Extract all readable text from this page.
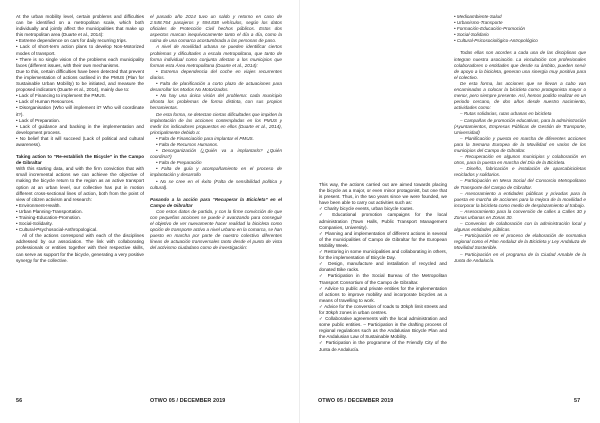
At the urban mobility level, certain problems and difficulties can be identified on a metropolitan scale, which both individually and jointly affect the municipalities that make up this metropolitan area (Duarte et al., 2014):

• Extreme dependence on cars for daily recurring trips.

• Lack of short-term action plans to develop Non-Motorized modes of transport.

• There is no single vision of the problems each municipality faces (different issues, with their own mechanisms.

Due to this, certain difficulties have been detected that prevent the implementation of actions outlined in the PMUS (Plan for Sustainable Urban Mobility) to be initiated, and measure the proposed indicators (Duarte et al., 2014), mainly due to:

• Lack of Financing to implement the PMUS.

• Lack of Human Resources.

• Disorganisation (Who will implement it? Who will coordinate it?).

• Lack of Preparation.

• Lack of guidance and backing in the implementation and development process.

• No belief that it will succeed (Lack of political and cultural awareness).

Taking action to “Re-establish the Bicycle” in the Campo de Gibraltar

With this starting data, and with the firm conviction that with small incremental actions we can achieve the objective of making the bicycle return to the region as an active transport option at an urban level, our collective has put in motion different cross-sectional lines of action, both from the point of view of citizen activism and research:

• Environment-Health.

• Urban Planning-Transportation.

• Training-Education-Promotion.

• Social-Solidarity.

• Cultural-Psychosocial-Anthropological.

All of the actions correspond with each of the disciplines addressed by our association. The link with collaborating professionals or entities together with their respective skills, can serve as support for the bicycle, generating a very positive synergy for the collective.

el pasado año 2014 tuvo un saldo y retorno en caso de 2.548.764 pasajeros y 594.838 vehículos, según los datos oficiales de Protección Civil hechos públicos. Estos dos aspectos marcan inequívocamente tanto el día a día, como la rutina de una comarca acostumbrada a las personas de paso.

A nivel de movilidad urbana se pueden identificar ciertos problemas y dificultades a escala metropolitana, que tanto de forma individual como conjunta afectan a los municipios que forman esta Área metropolitana (Duarte et al., 2014):

• Extrema dependencia del coche en viajes recurrentes diarios.

• Falta de planificación a corto plazo de actuaciones para desarrollar los Modos No Motorizados.

• No hay una única visión del problema: cada municipio afronta los problemas de forma distinta, con sus propios herramientas.

De esta forma, se detectan ciertas dificultades que impiden la implantación de las acciones contempladas en los PMUS y medir los indicadores propuestos en ellos (Duarte et al., 2014), principalmente debido a:

• Falta de Financiación para implantar el PMUS.

• Falta de Recursos Humanos.

• Desorganización (¿Quién va a implantarlo? ¿Quién coordina?)

• Falta de Preparación

• Falta de guía y acompañamiento en el proceso de implantación y desarrollo

• No se cree en el éxito (Falta de sensibilidad política y cultural).

Pasando a la acción para “Recuperar la Bicicleta” en el Campo de Gibraltar

Con estos datos de partida, y con la firme convicción de que con pequeñas acciones se puede ir avanzando para conseguir el objetivo de ver nuevamente hacer realidad la bicicleta como opción de transporte activo a nivel urbano en la comarca, se han puesto en marcha por parte de nuestro colectivo diferentes líneas de actuación transversales tanto desde el punto de vista del activismo ciudadano como de investigación:

56	OTWO 05 / DECEMBER 2019

This way, the actions carried out are aimed towards placing the bicycle as a major, or even minor protagonist, but one that is present. Thus, in the two years since we were founded, we have been able to carry out activities such as:

✓ Charity bicycle events, urban bicycle routes.

✓ Educational promotion campaigns for the local administration (Town Halls, Public Transport Management Companies, University).

✓ Planning and implementation of different actions in several of the municipalities of Campo de Gibraltar for the European Mobility Week.

✓ Restoring in some municipalities and collaborating in others, for the implementation of Bicycle Day.

✓ Design, manufacture and installation of recycled and donated Bike racks.

✓ Participation in the Social Bureau of the Metropolitan Transport Consortium of the Campo de Gibraltar.

✓ Advice to public and private entities for the implementation of actions to improve mobility and incorporate bicycles as a means of travelling to work.

✓ Advice for the conversion of roads to 30kph limit streets and for 30kph zones in urban centres.

✓ Collaborative agreements with the local administration and some public entities. – Participation in the drafting process of regional regulations such as the Andalusian Bicycle Plan and the Andalusian Law of Sustainable Mobility.

✓ Participation in the programme of the Friendly City of the Junta de Andalucía.

• Medioambiente-Salud

• Urbanismo-Transporte

• Formación-Educación-Promoción

• Social-Solidario

• Cultural-Psicosociológico-Antropológico

Todas ellas son acordes a cada una de las disciplinas que integran nuestra asociación. La vinculación con profesionales colaboradores o entidades que desde su ámbito, pueden servir de apoyo a la bicicleta, generan una sinergia muy positiva para el colectivo.

De esta forma, las acciones que se llevan a cabo van encaminadas a colocar la bicicleta como protagonista mayor o menor, pero siempre presente. Así, hemos podido realizar en un periodo cercano, de dos años desde nuestro nacimiento, actividades como:

– Rutas solidarias, rutas urbanas en bicicleta

– Campañas de promoción educativas, para la administración (Ayuntamientos, Empresas Públicas de Gestión de Transporte, Universidad)

– Planificación y puesta en marcha de diferentes acciones para la Semana Europea de la Movilidad en varios de los municipios del Campo de Gibraltar.

– Recuperación en algunos municipios y colaboración en otros, para la puesta en marcha del Día de la Bicicleta.

– Diseño, fabricación e instalación de aparcabicicletas reciclados y solidarios.

– Participación en Mesa Social del Consorcio Metropolitano de Transporte del Campo de Gibraltar.

– Asesoramiento a entidades públicas y privadas para la puesta en marcha de acciones para la mejora de la movilidad e incorporar la bicicleta como medio de desplazamiento al trabajo.

– Asesoramiento para la conversión de calles a Calles 30 y Zonas urbanas en Zonas 30.

– Convenios de colaboración con la administración local y algunas entidades públicas.

– Participación en el proceso de elaboración de normativa regional como el Plan Andaluz de la Bicicleta y Ley Andaluza de Movilidad Sostenible.

– Participación en el programa de la Ciudad Amable de la Junta de Andalucía.

OTWO 05 / DECEMBER 2019	57
